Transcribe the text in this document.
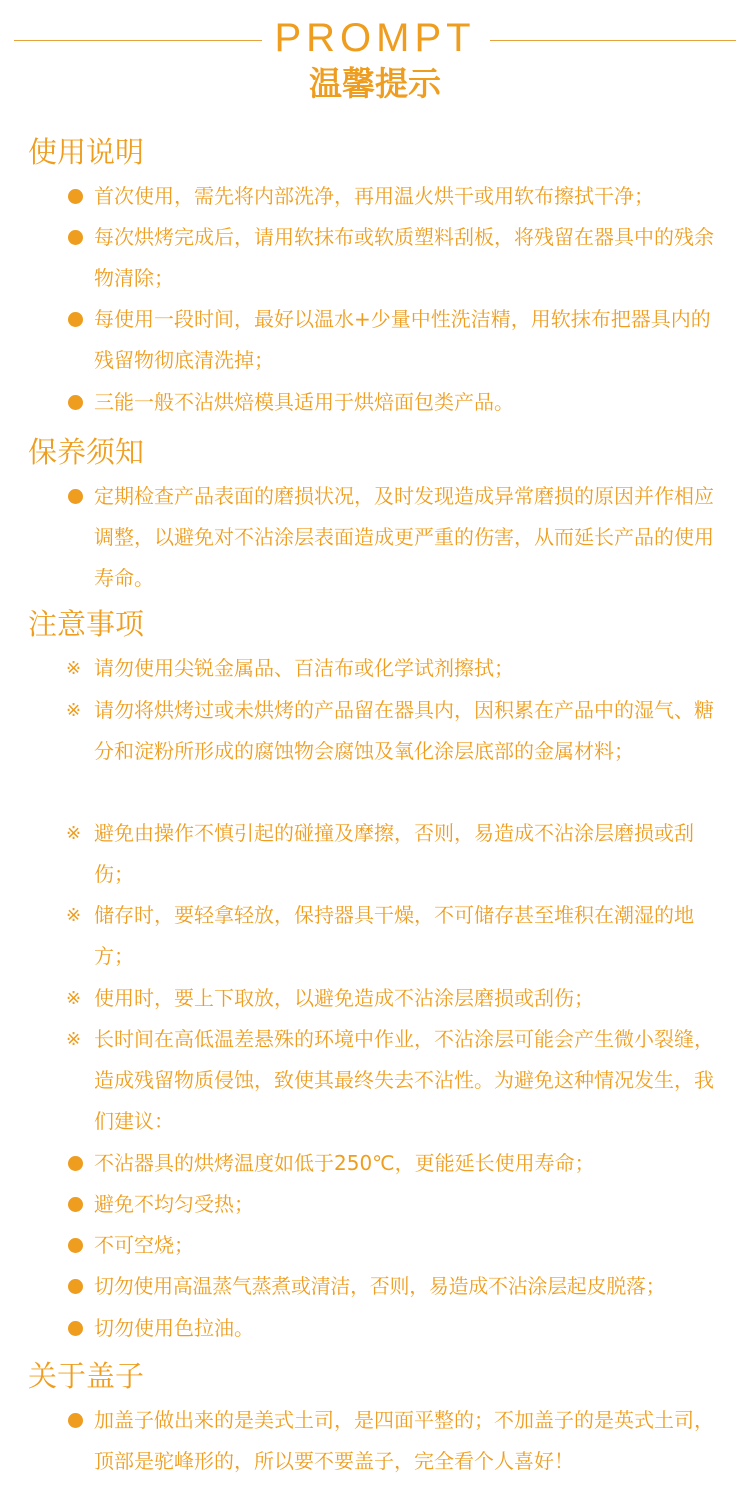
PROMPT
温馨提示
使用说明
首次使用，需先将内部洗净，再用温火烘干或用软布擦拭干净；
每次烘烤完成后，请用软抹布或软质塑料刮板，将残留在器具中的残余物清除；
每使用一段时间，最好以温水+少量中性洗洁精，用软抹布把器具内的残留物彻底清洗掉；
三能一般不沾烘焙模具适用于烘焙面包类产品。
保养须知
定期检查产品表面的磨损状况，及时发现造成异常磨损的原因并作相应调整，以避免对不沾涂层表面造成更严重的伤害，从而延长产品的使用寿命。
注意事项
※ 请勿使用尖锐金属品、百洁布或化学试剂擦拭；
※ 请勿将烘烤过或未烘烤的产品留在器具内，因积累在产品中的湿气、糖分和淀粉所形成的腐蚀物会腐蚀及氧化涂层底部的金属材料；
※ 避免由操作不慎引起的碰撞及摩擦，否则，易造成不沾涂层磨损或刮伤；
※ 储存时，要轻拿轻放，保持器具干燥，不可储存甚至堆积在潮湿的地方；
※ 使用时，要上下取放，以避免造成不沾涂层磨损或刮伤；
※ 长时间在高低温差悬殊的环境中作业，不沾涂层可能会产生微小裂缝，造成残留物质侵蚀，致使其最终失去不沾性。为避免这种情况发生，我们建议：
不沾器具的烘烤温度如低于250℃，更能延长使用寿命；
避免不均匀受热；
不可空烧；
切勿使用高温蒸气蒸煮或清洁，否则，易造成不沾涂层起皮脱落；
切勿使用色拉油。
关于盖子
加盖子做出来的是美式土司，是四面平整的；不加盖子的是英式土司，顶部是驼峰形的，所以要不要盖子，完全看个人喜好！
